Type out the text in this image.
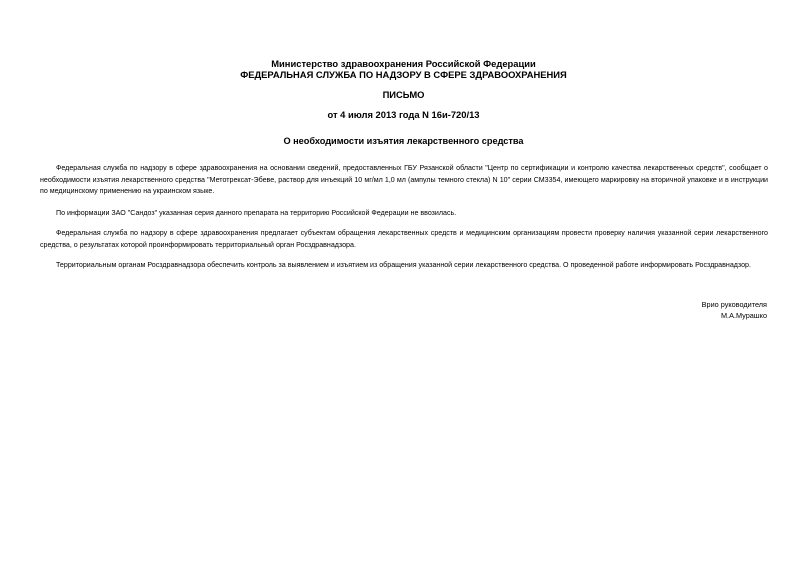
Министерство здравоохранения Российской Федерации
ФЕДЕРАЛЬНАЯ СЛУЖБА ПО НАДЗОРУ В СФЕРЕ ЗДРАВООХРАНЕНИЯ
ПИСЬМО
от 4 июля 2013 года N 16и-720/13
О необходимости изъятия лекарственного средства

Федеральная служба по надзору в сфере здравоохранения на основании сведений, предоставленных ГБУ Рязанской области "Центр по сертификации и контролю качества лекарственных средств", сообщает о необходимости изъятия лекарственного средства "Метотрексат-Эбеве, раствор для инъекций 10 мг/мл 1,0 мл (ампулы темного стекла) N 10" серии СМ3354, имеющего маркировку на вторичной упаковке и в инструкции по медицинскому применению на украинском языке.

По информации ЗАО "Сандоз" указанная серия данного препарата на территорию Российской Федерации не ввозилась.

Федеральная служба по надзору в сфере здравоохранения предлагает субъектам обращения лекарственных средств и медицинским организациям провести проверку наличия указанной серии лекарственного средства, о результатах которой проинформировать территориальный орган Росздравнадзора.

Территориальным органам Росздравнадзора обеспечить контроль за выявлением и изъятием из обращения указанной серии лекарственного средства. О проведенной работе информировать Росздравнадзор.

Врио руководителя
М.А.Мурашко
